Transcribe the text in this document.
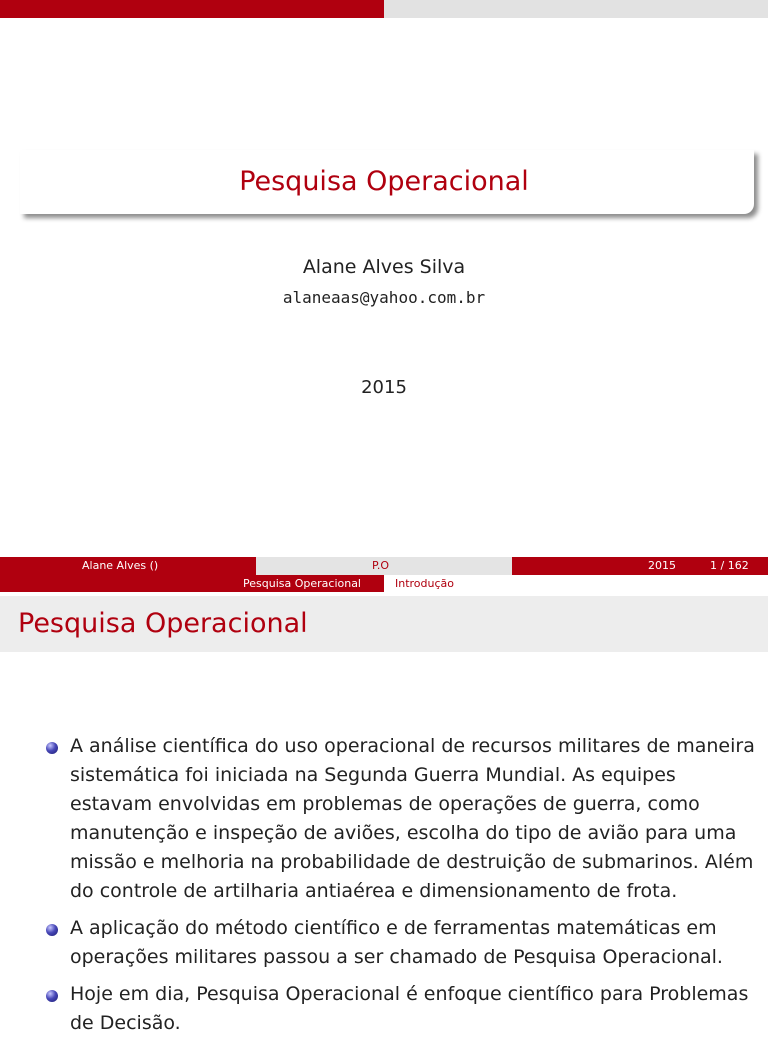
Pesquisa Operacional
Alane Alves Silva
alaneaas@yahoo.com.br
2015
Alane Alves ()	P.O	2015	1 / 162
Pesquisa Operacional	Introdução
Pesquisa Operacional
A análise científica do uso operacional de recursos militares de maneira sistemática foi iniciada na Segunda Guerra Mundial. As equipes estavam envolvidas em problemas de operações de guerra, como manutenção e inspeção de aviões, escolha do tipo de avião para uma missão e melhoria na probabilidade de destruição de submarinos. Além do controle de artilharia antiaérea e dimensionamento de frota.
A aplicação do método científico e de ferramentas matemáticas em operações militares passou a ser chamado de Pesquisa Operacional.
Hoje em dia, Pesquisa Operacional é enfoque científico para Problemas de Decisão.
